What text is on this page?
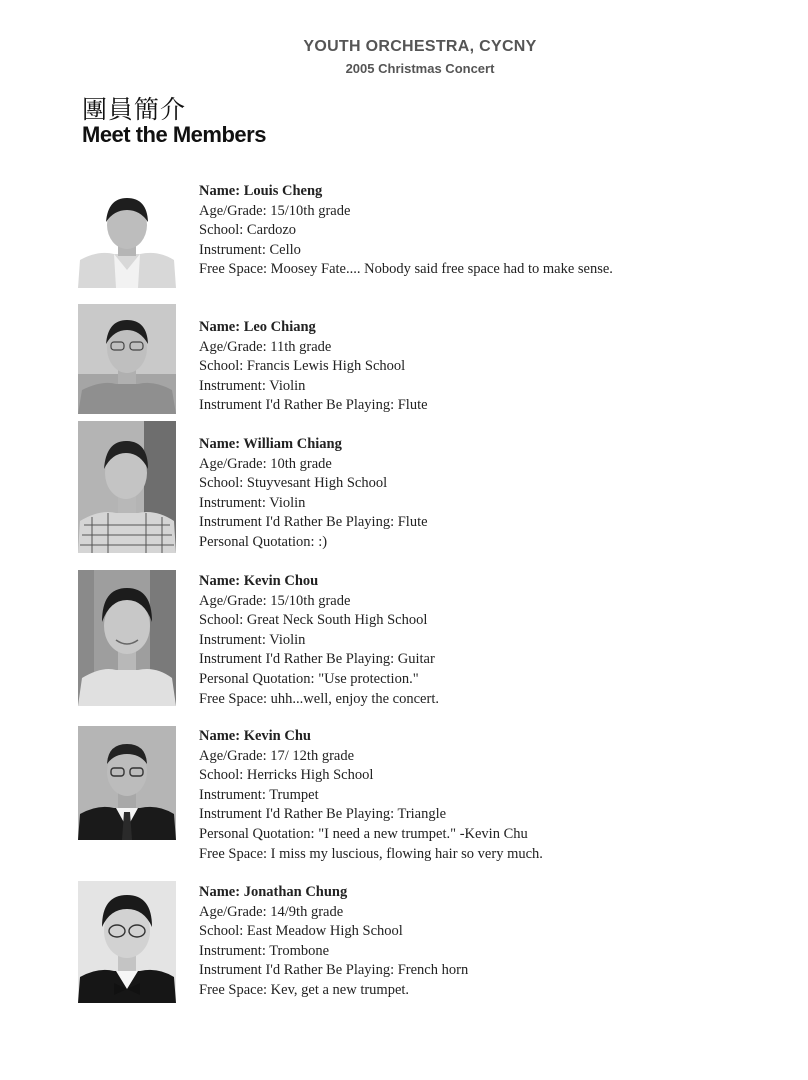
YOUTH ORCHESTRA, CYCNY
2005 Christmas Concert
團員簡介
Meet the Members
Name: Louis Cheng
Age/Grade: 15/10th grade
School: Cardozo
Instrument: Cello
Free Space: Moosey Fate.... Nobody said free space had to make sense.
Name: Leo Chiang
Age/Grade: 11th grade
School: Francis Lewis High School
Instrument: Violin
Instrument I'd Rather Be Playing: Flute
Name: William Chiang
Age/Grade: 10th grade
School: Stuyvesant High School
Instrument: Violin
Instrument I'd Rather Be Playing: Flute
Personal Quotation: :)
Name: Kevin Chou
Age/Grade: 15/10th grade
School: Great Neck South High School
Instrument: Violin
Instrument I'd Rather Be Playing: Guitar
Personal Quotation: "Use protection."
Free Space: uhh...well, enjoy the concert.
Name: Kevin Chu
Age/Grade: 17/ 12th grade
School: Herricks High School
Instrument: Trumpet
Instrument I'd Rather Be Playing: Triangle
Personal Quotation: "I need a new trumpet." -Kevin Chu
Free Space: I miss my luscious, flowing hair so very much.
Name: Jonathan Chung
Age/Grade: 14/9th grade
School: East Meadow High School
Instrument: Trombone
Instrument I'd Rather Be Playing: French horn
Free Space: Kev, get a new trumpet.
